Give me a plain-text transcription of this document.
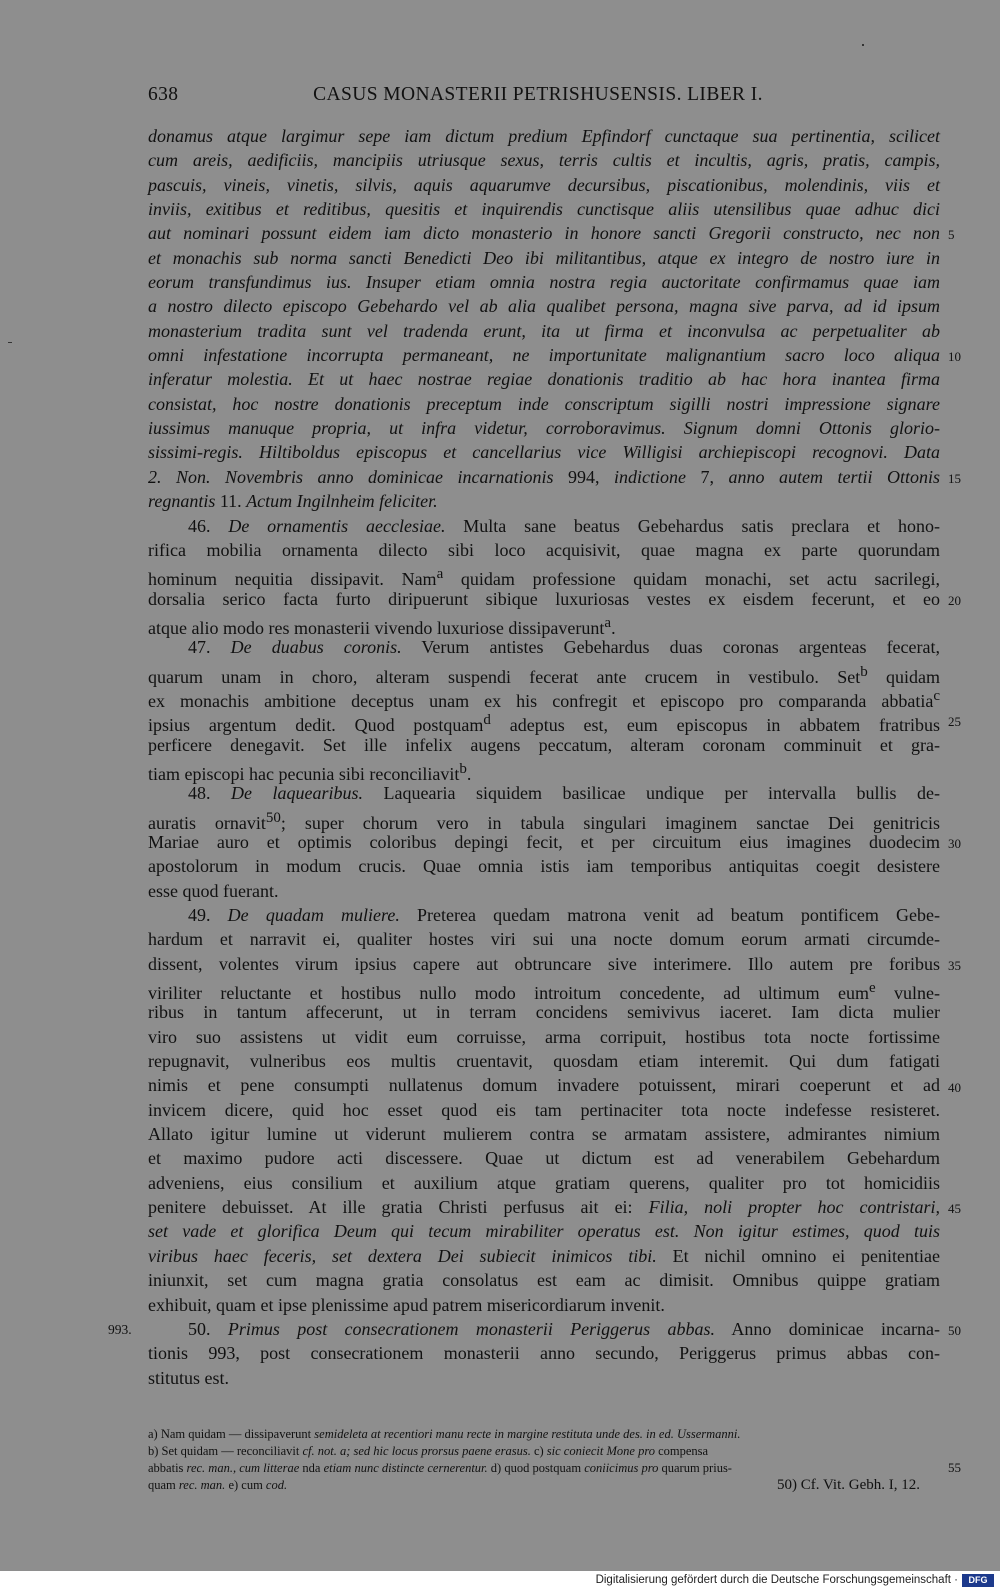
638	CASUS MONASTERII PETRISHUSENSIS. LIBER I.
donamus atque largimur sepe iam dictum predium Epfindorf cunctaque sua pertinentia, scilicet
cum areis, aedificiis, mancipiis utriusque sexus, terris cultis et incultis, agris, pratis, campis,
pascuis, vineis, vinetis, silvis, aquis aquarumve decursibus, piscationibus, molendinis, viis et
inviis, exitibus et reditibus, quesitis et inquirendis cunctisque aliis utensilibus quae adhuc dici
aut nominari possunt eidem iam dicto monasterio in honore sancti Gregorii constructo, nec non
et monachis sub norma sancti Benedicti Deo ibi militantibus, atque ex integro de nostro iure in
eorum transfundimus ius. Insuper etiam omnia nostra regia auctoritate confirmamus quae iam
a nostro dilecto episcopo Gebehardo vel ab alia qualibet persona, magna sive parva, ad id ipsum
monasterium tradita sunt vel tradenda erunt, ita ut firma et inconvulsa ac perpetualiter ab
omni infestatione incorrupta permaneant, ne importunitate malignantium sacro loco aliqua
inferatur molestia. Et ut haec nostrae regiae donationis traditio ab hac hora inantea firma
consistat, hoc nostre donationis preceptum inde conscriptum sigilli nostri impressione signare
iussimus manuque propria, ut infra videtur, corroboravimus. Signum domni Ottonis glorio-
sissimi-regis. Hiltiboldus episcopus et cancellarius vice Willigisi archiepiscopi recognovi. Data
2. Non. Novembris anno dominicae incarnationis 994, indictione 7, anno autem tertii Ottonis
regnantis 11. Actum Ingilnheim feliciter.
46. De ornamentis aecclesiae. Multa sane beatus Gebehardus satis preclara et hono-
rifica mobilia ornamenta dilecto sibi loco acquisivit, quae magna ex parte quorundam
hominum nequitia dissipavit. Nam$^a$ quidam professione quidam monachi, set actu sacrilegi,
dorsalia serico facta furto diripuerunt sibique luxuriosas vestes ex eisdem fecerunt, et eo
atque alio modo res monasterii vivendo luxuriose dissipaverunt$^a$.
47. De duabus coronis. Verum antistes Gebehardus duas coronas argenteas fecerat,
quarum unam in choro, alteram suspendi fecerat ante crucem in vestibulo. Set$^b$ quidam
ex monachis ambitione deceptus unam ex his confregit et episcopo pro comparanda abbatia$^c$
ipsius argentum dedit. Quod postquam$^d$ adeptus est, eum episcopus in abbatem fratribus
perficere denegavit. Set ille infelix augens peccatum, alteram coronam comminuit et gra-
tiam episcopi hac pecunia sibi reconciliavit$^b$.
48. De laquearibus. Laquearia siquidem basilicae undique per intervalla bullis de-
auratis ornavit$^{50}$; super chorum vero in tabula singulari imaginem sanctae Dei genitricis
Mariae auro et optimis coloribus depingi fecit, et per circuitum eius imagines duodecim
apostolorum in modum crucis. Quae omnia istis iam temporibus antiquitas coegit desistere
esse quod fuerant.
49. De quadam muliere. Preterea quedam matrona venit ad beatum pontificem Gebe-
hardum et narravit ei, qualiter hostes viri sui una nocte domum eorum armati circumde-
dissent, volentes virum ipsius capere aut obtruncare sive interimere. Illo autem pre foribus
viriliter reluctante et hostibus nullo modo introitum concedente, ad ultimum eum$^e$ vulne-
ribus in tantum affecerunt, ut in terram concidens semivivus iaceret. Iam dicta mulier
viro suo assistens ut vidit eum corruisse, arma corripuit, hostibus tota nocte fortissime
repugnavit, vulneribus eos multis cruentavit, quosdam etiam interemit. Qui dum fatigati
nimis et pene consumpti nullatenus domum invadere potuissent, mirari coeperunt et ad
invicem dicere, quid hoc esset quod eis tam pertinaciter tota nocte indefesse resisteret.
Allato igitur lumine ut viderunt mulierem contra se armatam assistere, admirantes nimium
et maximo pudore acti discessere. Quae ut dictum est ad venerabilem Gebehardum
adveniens, eius consilium et auxilium atque gratiam querens, qualiter pro tot homicidiis
penitere debuisset. At ille gratia Christi perfusus ait ei: Filia, noli propter hoc contristari,
set vade et glorifica Deum qui tecum mirabiliter operatus est. Non igitur estimes, quod tuis
viribus haec feceris, set dextera Dei subiecit inimicos tibi. Et nichil omnino ei penitentiae
iniunxit, set cum magna gratia consolatus est eam ac dimisit. Omnibus quippe gratiam
exhibuit, quam et ipse plenissime apud patrem misericordiarum invenit.
50. Primus post consecrationem monasterii Periggerus abbas. Anno dominicae incarna-
tionis 993, post consecrationem monasterii anno secundo, Periggerus primus abbas con-
stitutus est.
5
10
15
20
25
30
35
40
45
50
993.
55
a) Nam quidam — dissipaverunt semideleta at recentiori manu recte in margine restituta unde des. in ed. Ussermanni.
b) Set quidam — reconciliavit cf. not. a; sed hic locus prorsus paene erasus. c) sic coniecit Mone pro compensa
abbatis rec. man., cum litterae nda etiam nunc distincte cernerentur. d) quod postquam coniicimus pro quarum prius-
quam rec. man. e) cum cod.	50) Cf. Vit. Gebh. I, 12.
Digitalisierung gefördert durch die Deutsche Forschungsgemeinschaft ·	DFG
